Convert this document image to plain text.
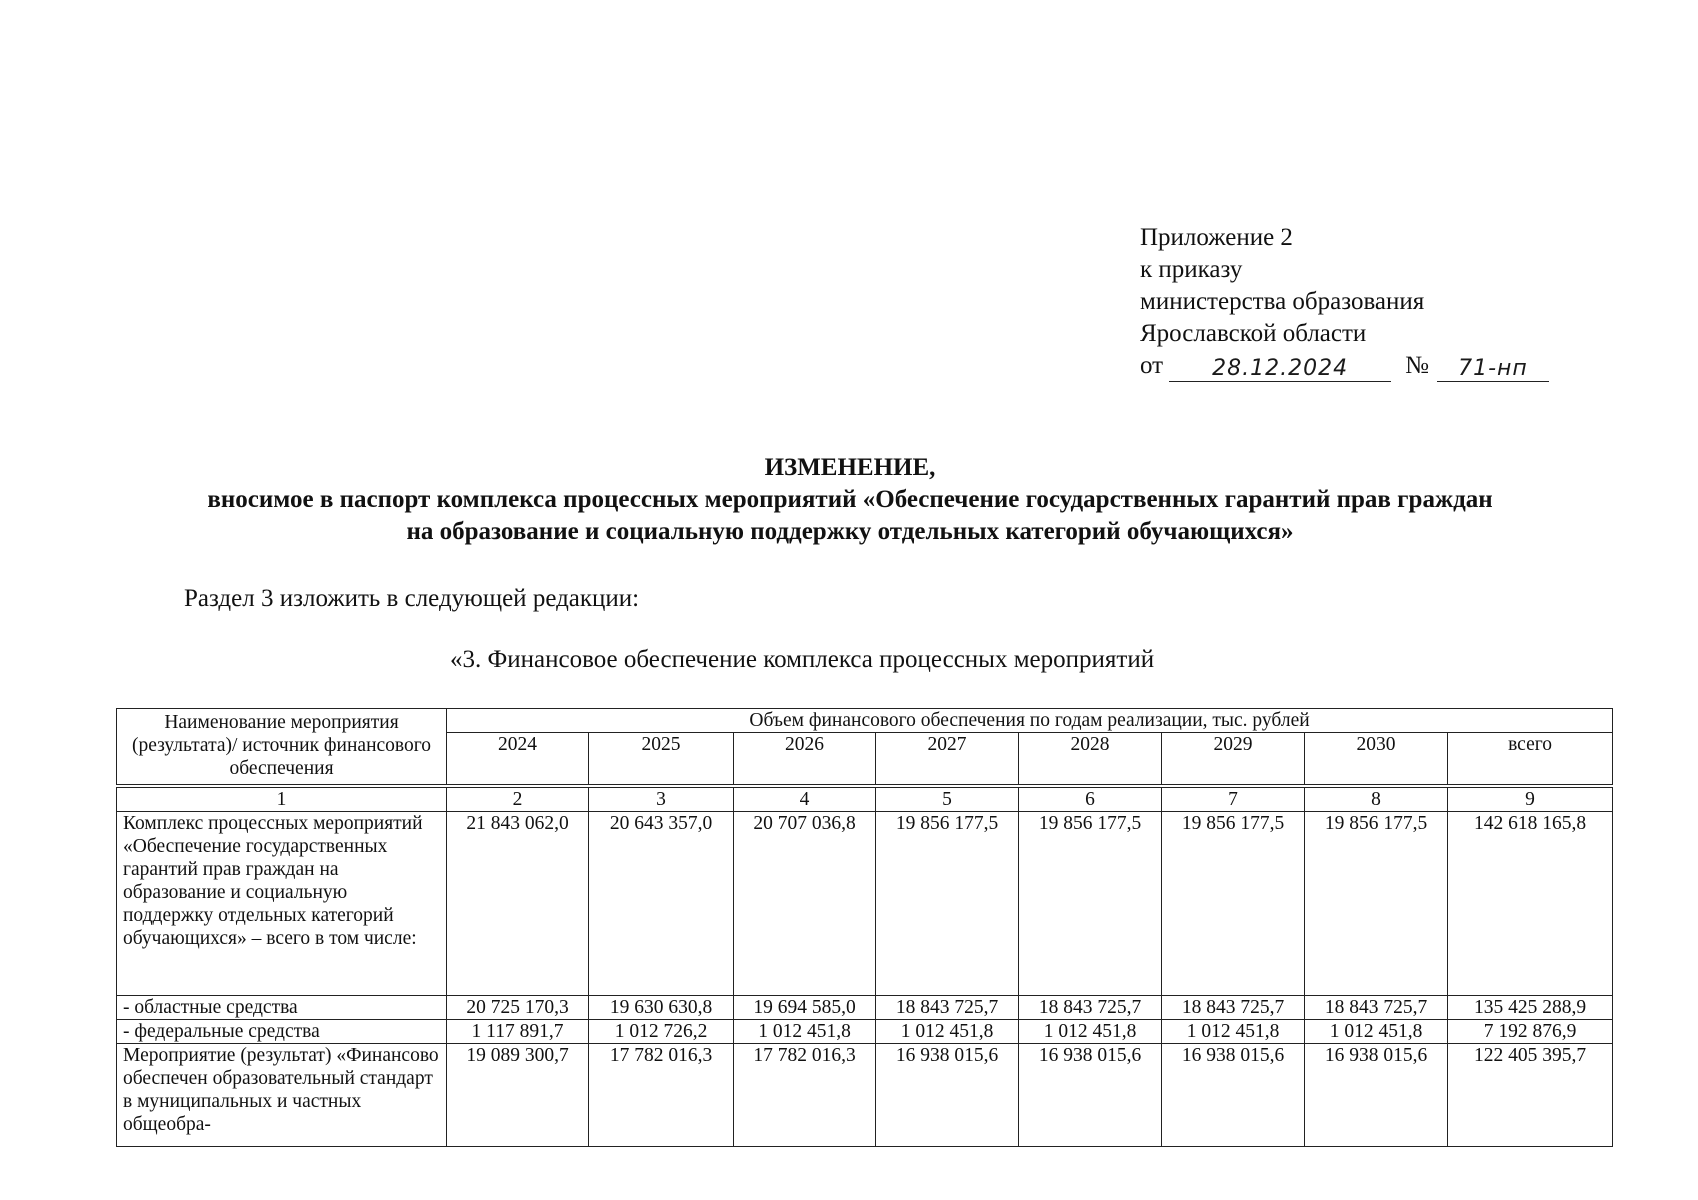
Приложение 2
к приказу
министерства образования
Ярославской области
от	28.12.2024	№	71-нп
ИЗМЕНЕНИЕ,
вносимое в паспорт комплекса процессных мероприятий «Обеспечение государственных гарантий прав граждан
на образование и социальную поддержку отдельных категорий обучающихся»
Раздел 3 изложить в следующей редакции:
«3. Финансовое обеспечение комплекса процессных мероприятий
Наименование мероприятия (результата)/ источник финансового обеспечения	Объем финансового обеспечения по годам реализации, тыс. рублей							
	2024	2025	2026	2027	2028	2029	2030	всего

1	2	3	4	5	6	7	8	9
Комплекс процессных мероприятий «Обеспечение государственных гарантий прав граждан на образование и социальную поддержку отдельных категорий обучающихся» – всего в том числе:	21 843 062,0	20 643 357,0	20 707 036,8	19 856 177,5	19 856 177,5	19 856 177,5	19 856 177,5	142 618 165,8
- областные средства	20 725 170,3	19 630 630,8	19 694 585,0	18 843 725,7	18 843 725,7	18 843 725,7	18 843 725,7	135 425 288,9
- федеральные средства	1 117 891,7	1 012 726,2	1 012 451,8	1 012 451,8	1 012 451,8	1 012 451,8	1 012 451,8	7 192 876,9
Мероприятие (результат) «Финансово обеспечен образовательный стандарт в муниципальных и частных общеобра-	19 089 300,7	17 782 016,3	17 782 016,3	16 938 015,6	16 938 015,6	16 938 015,6	16 938 015,6	122 405 395,7
